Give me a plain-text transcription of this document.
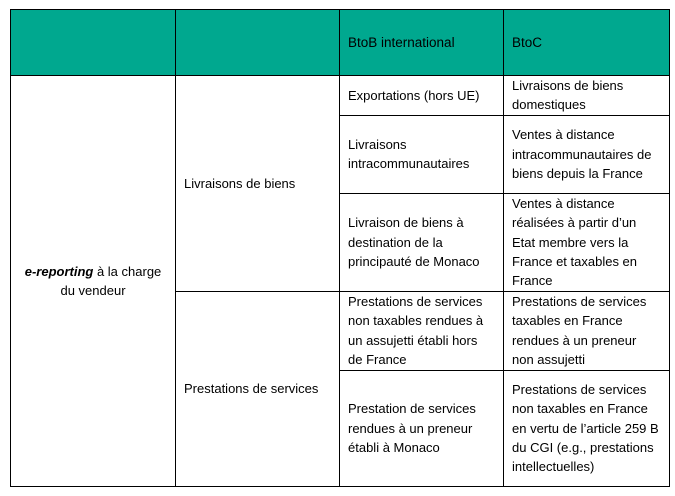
		BtoB international	BtoC
e-reporting à la charge du vendeur	Livraisons de biens	Exportations (hors UE)	Livraisons de biens domestiques
		Livraisons intracommunautaires	Ventes à distance intracommunautaires de biens depuis la France
		Livraison de biens à destination de la principauté de Monaco	Ventes à distance réalisées à partir d’un Etat membre vers la France et taxables en France
	Prestations de services	Prestations de services non taxables rendues à un assujetti établi hors de France	Prestations de services taxables en France rendues à un preneur non assujetti
		Prestation de services rendues à un preneur établi à Monaco	Prestations de services non taxables en France en vertu de l’article 259 B du CGI (e.g., prestations intellectuelles)
